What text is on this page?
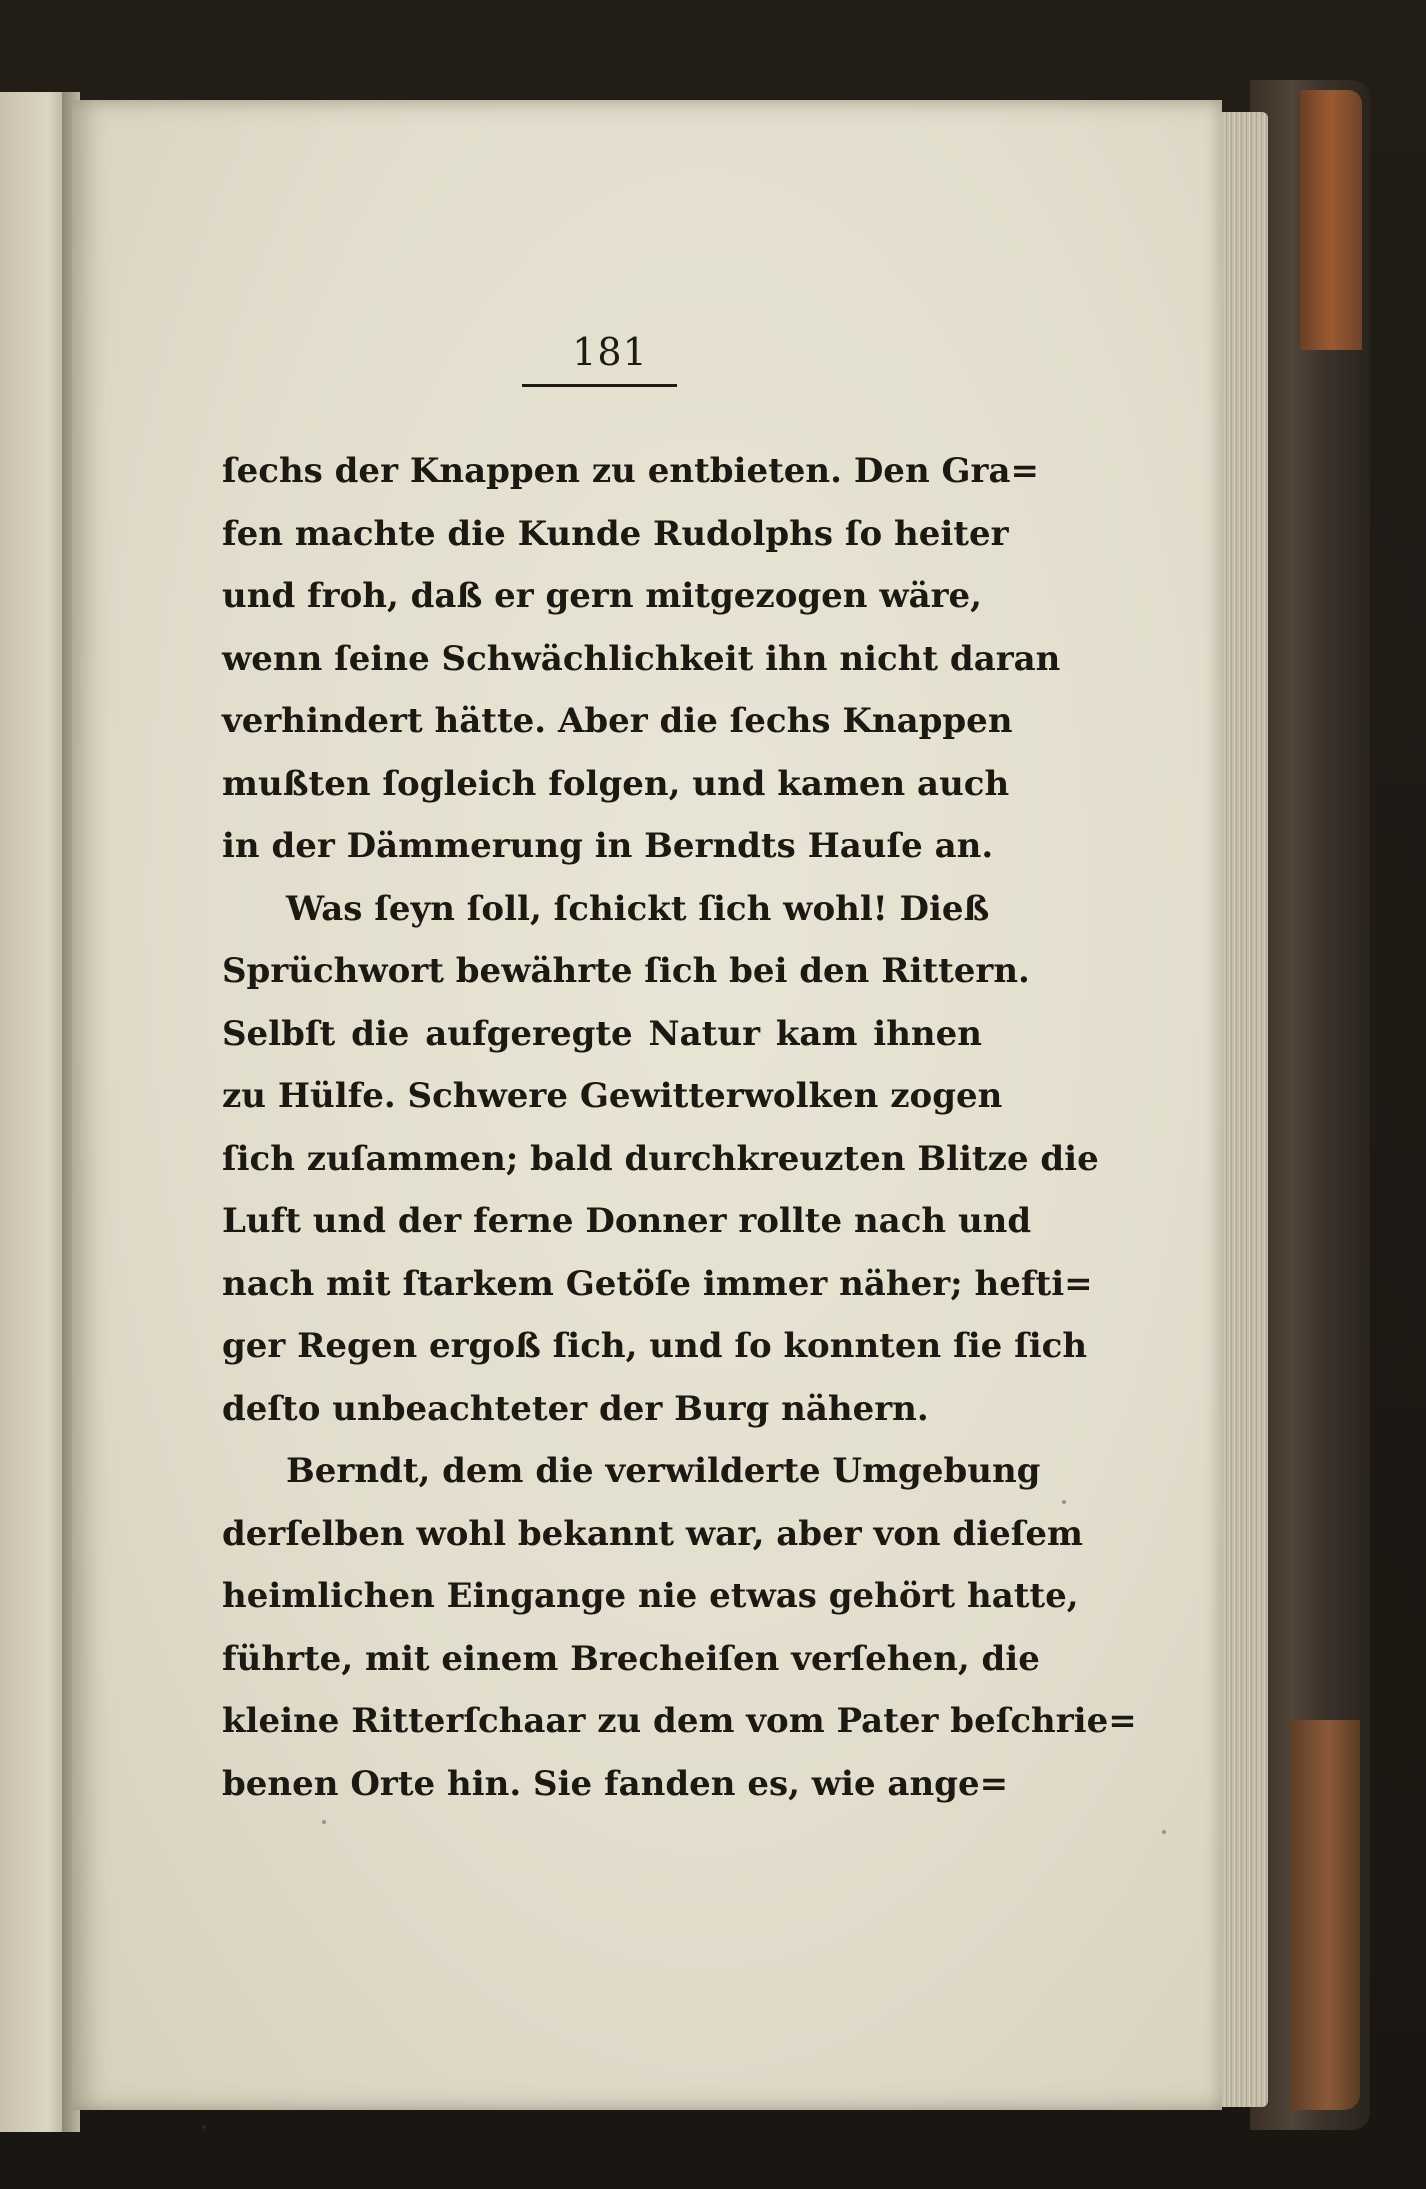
181
ſechs der Knappen zu entbieten. Den Gra=
fen machte die Kunde Rudolphs ſo heiter
und froh, daß er gern mitgezogen wäre,
wenn ſeine Schwächlichkeit ihn nicht daran
verhindert hätte. Aber die ſechs Knappen
mußten ſogleich folgen, und kamen auch
in der Dämmerung in Berndts Hauſe an.
Was ſeyn ſoll, ſchickt ſich wohl! Dieß
Sprüchwort bewährte ſich bei den Rittern.
Selbſt die aufgeregte Natur kam ihnen
zu Hülfe. Schwere Gewitterwolken zogen
ſich zuſammen; bald durchkreuzten Blitze die
Luft und der ferne Donner rollte nach und
nach mit ſtarkem Getöſe immer näher; hefti=
ger Regen ergoß ſich, und ſo konnten ſie ſich
deſto unbeachteter der Burg nähern.
Berndt, dem die verwilderte Umgebung
derſelben wohl bekannt war, aber von dieſem
heimlichen Eingange nie etwas gehört hatte,
führte, mit einem Brecheiſen verſehen, die
kleine Ritterſchaar zu dem vom Pater beſchrie=
benen Orte hin. Sie fanden es, wie ange=
